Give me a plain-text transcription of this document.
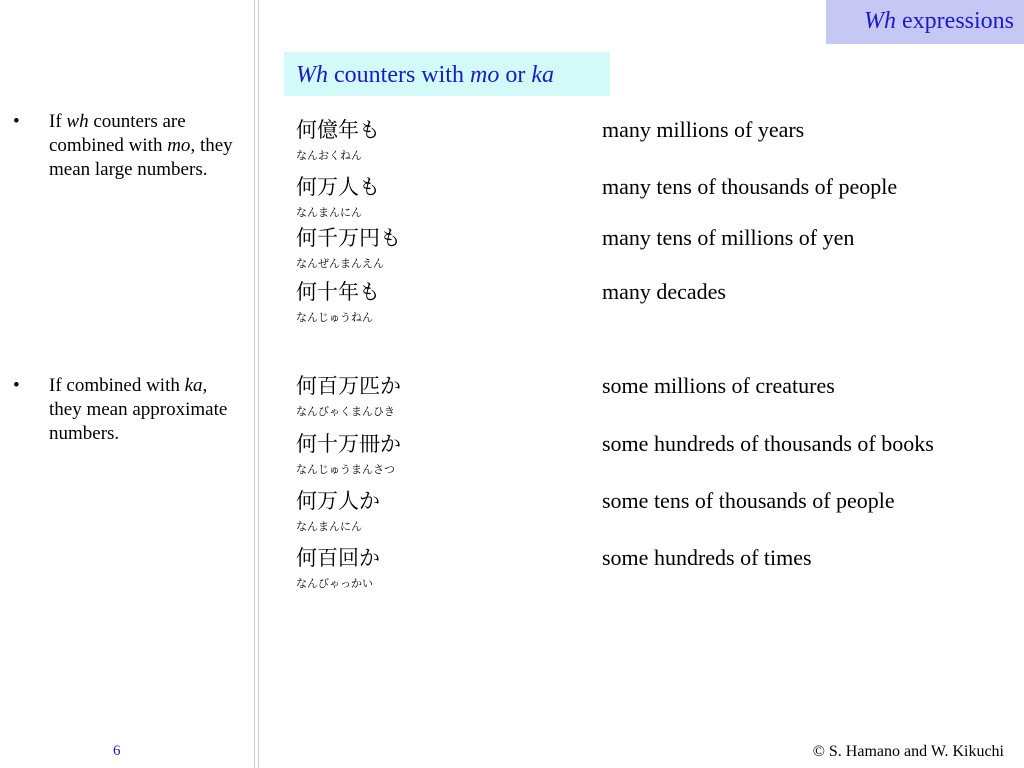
Wh expressions
Wh counters with mo or ka
• If wh counters are combined with mo, they mean large numbers.
• If combined with ka, they mean approximate numbers.
何億年も
なんおくねん
many millions of years
何万人も
なんまんにん
many tens of thousands of people
何千万円も
なんぜんまんえん
many tens of millions of yen
何十年も
なんじゅうねん
many decades
何百万匹か
なんびゃくまんひき
some millions of creatures
何十万冊か
なんじゅうまんさつ
some hundreds of thousands of books
何万人か
なんまんにん
some tens of thousands of people
何百回か
なんびゃっかい
some hundreds of times
6	© S. Hamano and W. Kikuchi
